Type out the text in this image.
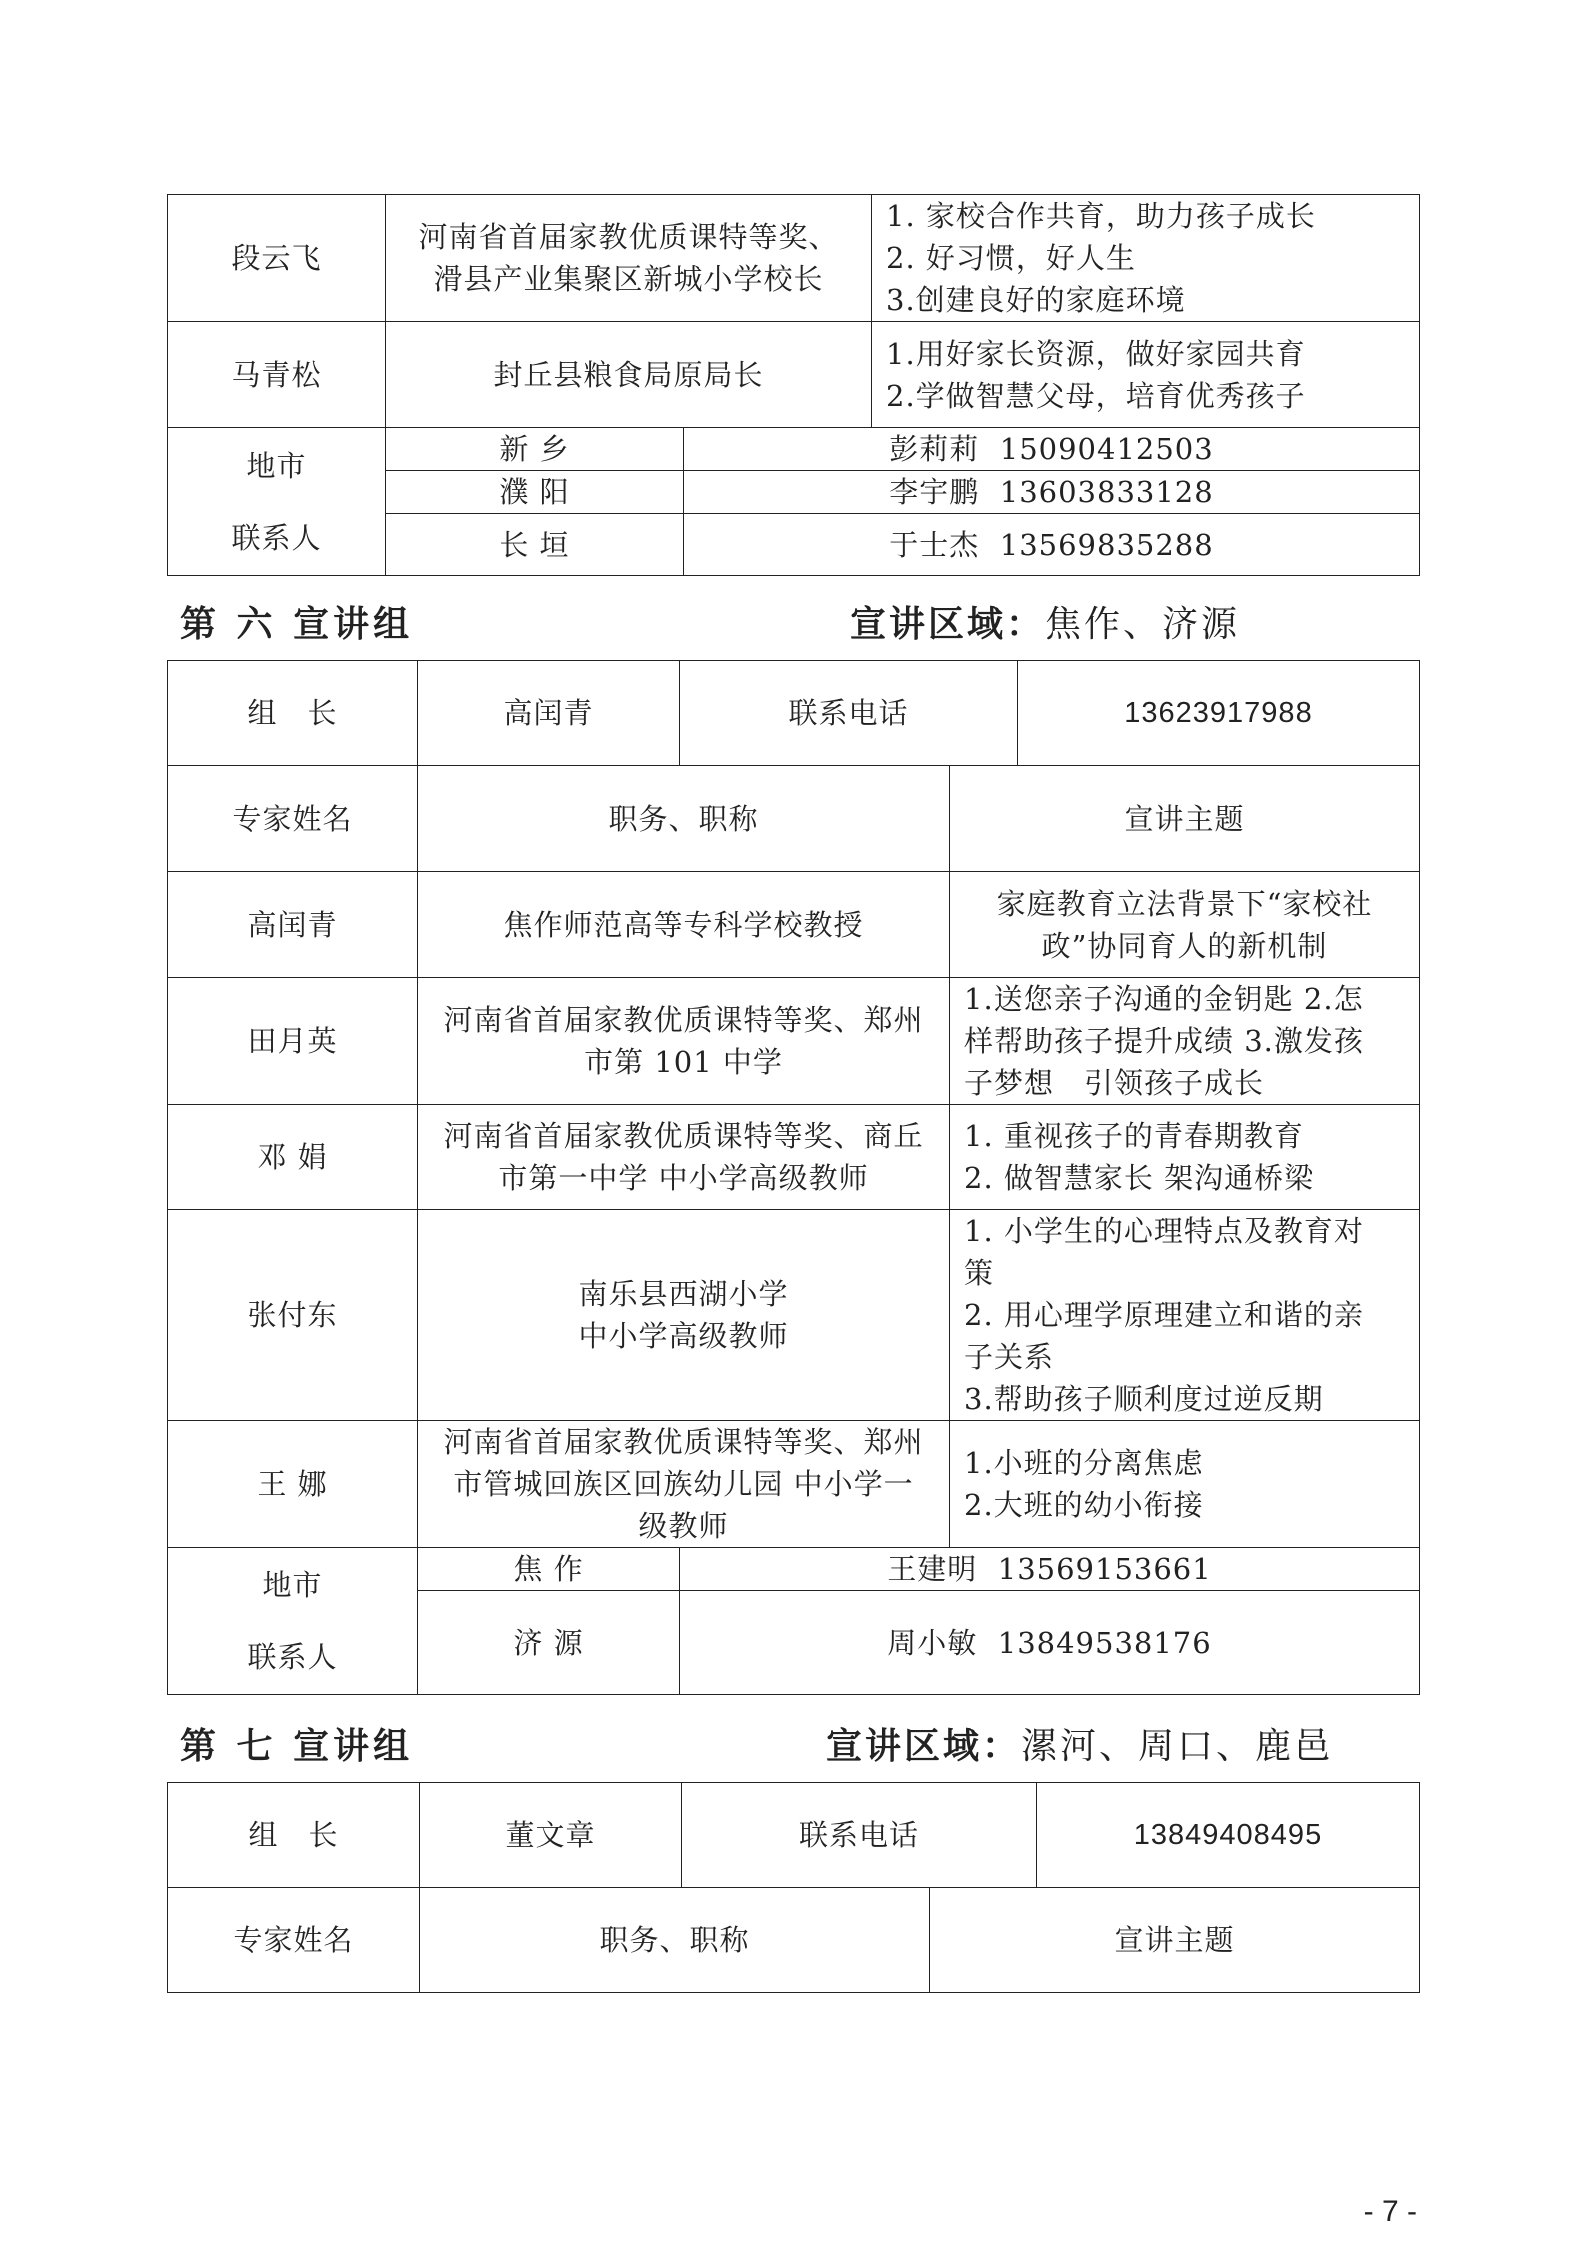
段云飞	河南省首届家教优质课特等奖、
滑县产业集聚区新城小学校长		1. 家校合作共育，助力孩子成长
2. 好习惯，好人生
3.创建良好的家庭环境

马青松	封丘县粮食局原局长		1.用好家长资源，做好家园共育
2.学做智慧父母，培育优秀孩子

地市
联系人	新 乡	彭莉莉 15090412503	
	濮 阳	李宇鹏 13603833128	
	长 垣	于士杰 13569835288	
第 六 宣讲组	宣讲区域：焦作、济源
组　长	高闰青	联系电话	13623917988
专家姓名	职务、职称		宣讲主题
高闰青	焦作师范高等专科学校教授		家庭教育立法背景下“家校社
政”协同育人的新机制

田月英	河南省首届家教优质课特等奖、郑州
市第 101 中学		1.送您亲子沟通的金钥匙 2.怎
样帮助孩子提升成绩 3.激发孩
子梦想　引领孩子成长

邓 娟	河南省首届家教优质课特等奖、商丘
市第一中学 中小学高级教师		1. 重视孩子的青春期教育
2. 做智慧家长 架沟通桥梁

张付东	南乐县西湖小学
中小学高级教师		1. 小学生的心理特点及教育对
策
2. 用心理学原理建立和谐的亲
子关系
3.帮助孩子顺利度过逆反期

王 娜	河南省首届家教优质课特等奖、郑州
市管城回族区回族幼儿园 中小学一
级教师		1.小班的分离焦虑
2.大班的幼小衔接

地市
联系人	焦 作	王建明 13569153661	
	济 源	周小敏 13849538176	
第 七 宣讲组	宣讲区域：漯河、周口、鹿邑
组　长	董文章	联系电话	13849408495
专家姓名	职务、职称	宣讲主题
- 7 -
